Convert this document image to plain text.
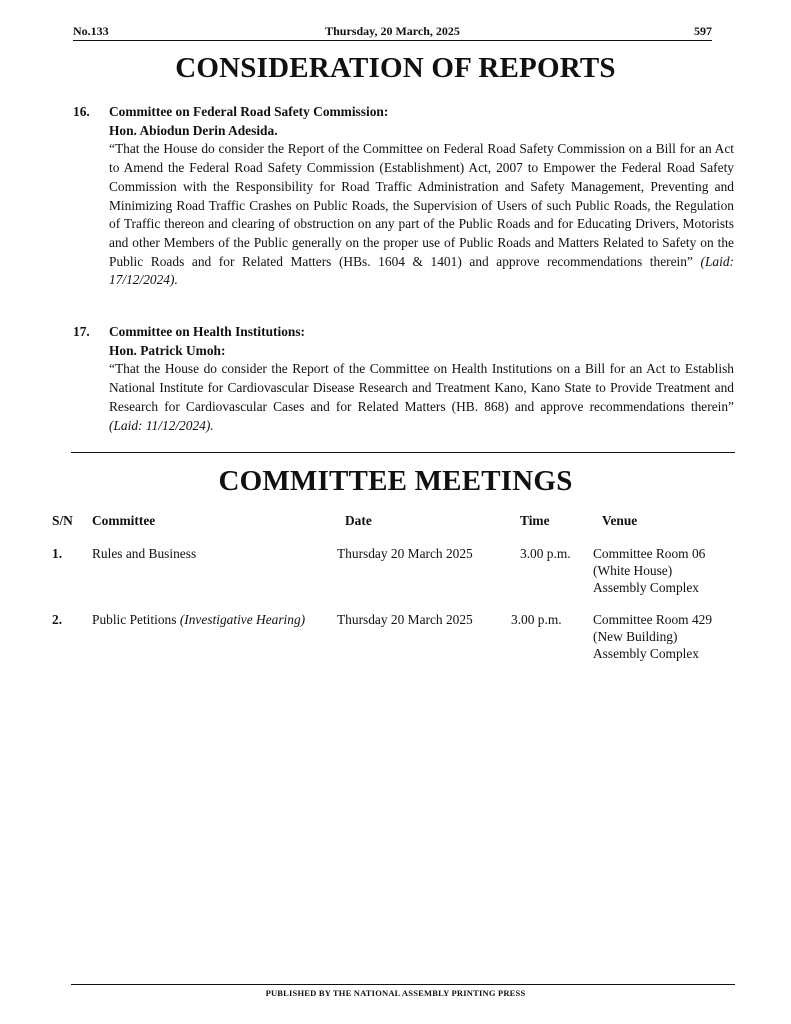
No.133	Thursday, 20 March, 2025	597
CONSIDERATION OF REPORTS
16. Committee on Federal Road Safety Commission:
Hon. Abiodun Derin Adesida.
“That the House do consider the Report of the Committee on Federal Road Safety Commission on a Bill for an Act to Amend the Federal Road Safety Commission (Establishment) Act, 2007 to Empower the Federal Road Safety Commission with the Responsibility for Road Traffic Administration and Safety Management, Preventing and Minimizing Road Traffic Crashes on Public Roads, the Supervision of Users of such Public Roads, the Regulation of Traffic thereon and clearing of obstruction on any part of the Public Roads and for Educating Drivers, Motorists and other Members of the Public generally on the proper use of Public Roads and Matters Related to Safety on the Public Roads and for Related Matters (HBs. 1604 & 1401) and approve recommendations therein” (Laid: 17/12/2024).
17. Committee on Health Institutions:
Hon. Patrick Umoh:
“That the House do consider the Report of the Committee on Health Institutions on a Bill for an Act to Establish National Institute for Cardiovascular Disease Research and Treatment Kano, Kano State to Provide Treatment and Research for Cardiovascular Cases and for Related Matters (HB. 868) and approve recommendations therein” (Laid: 11/12/2024).
COMMITTEE MEETINGS
S/N Committee	Date	Time	Venue
1. Rules and Business	Thursday 20 March 2025	3.00 p.m. Committee Room 06
(White House)
Assembly Complex
2. Public Petitions (Investigative Hearing) Thursday 20 March 2025	3.00 p.m. Committee Room 429
(New Building)
Assembly Complex
PUBLISHED BY THE NATIONAL ASSEMBLY PRINTING PRESS
